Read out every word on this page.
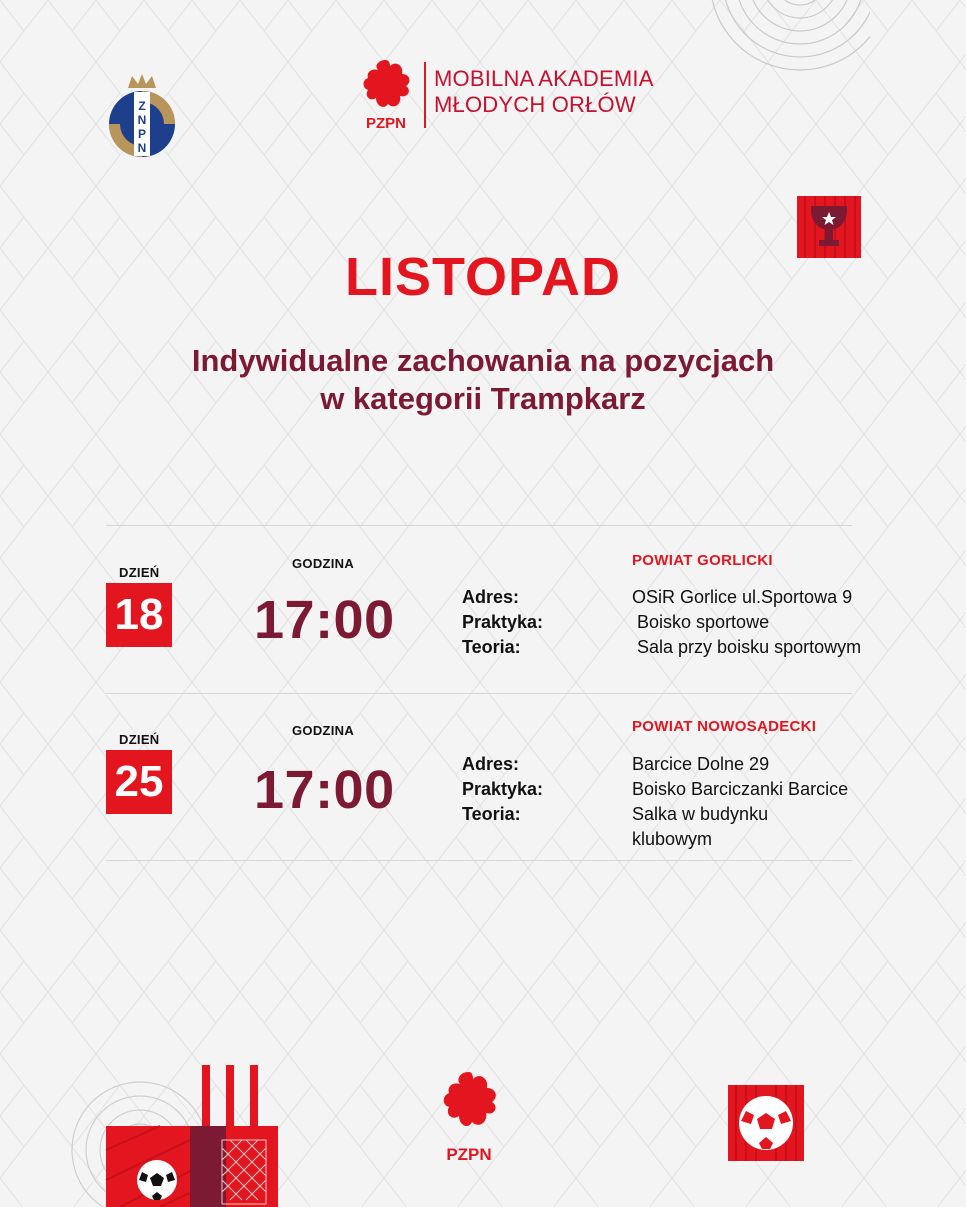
Z
N
P
N
PZPN
MOBILNA AKADEMIA
MŁODYCH ORŁÓW
LISTOPAD
Indywidualne zachowania na pozycjach
w kategorii Trampkarz
DZIEŃ
18
GODZINA
17:00	Adres:
Praktyka:
Teoria:
POWIAT GORLICKI
OSiR Gorlice ul.Sportowa 9
Boisko sportowe
Sala przy boisku sportowym
DZIEŃ
25
GODZINA
17:00	Adres:
Praktyka:
Teoria:
POWIAT NOWOSĄDECKI
Barcice Dolne 29
Boisko Barciczanki Barcice
Salka w budynku klubowym
PZPN
